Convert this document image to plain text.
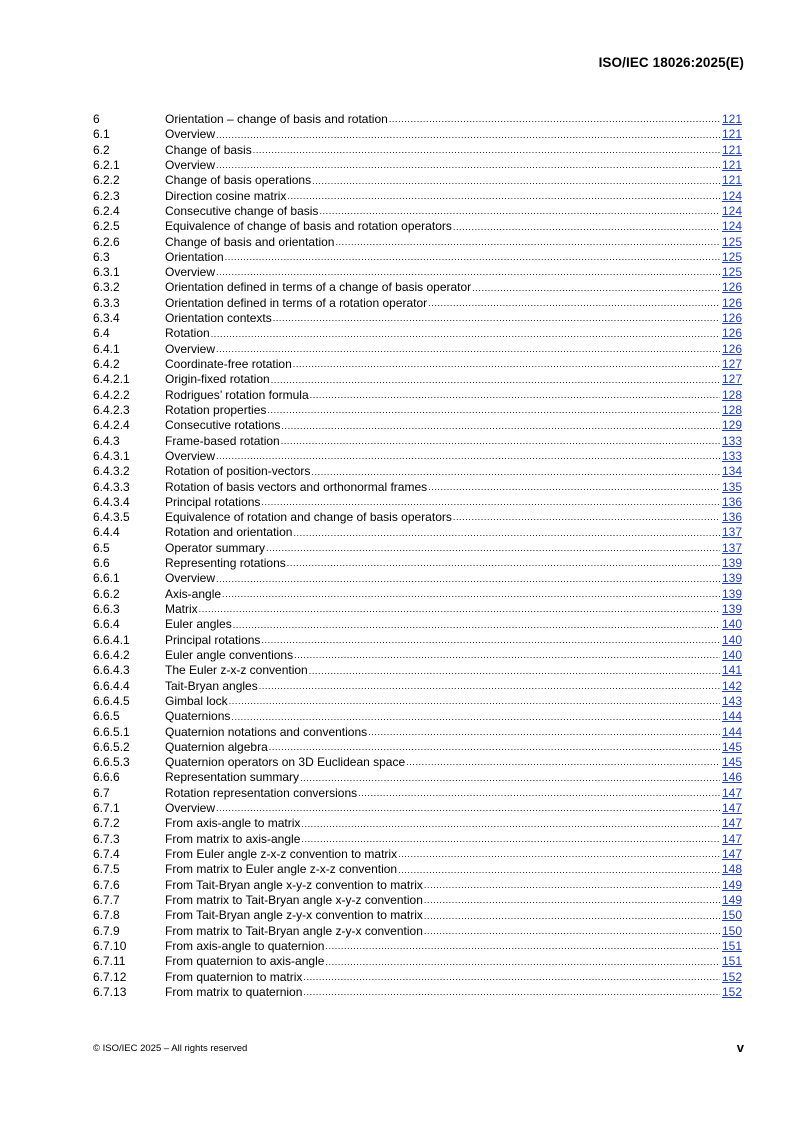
ISO/IEC 18026:2025(E)
6	Orientation – change of basis and rotation .....	121
6.1	Overview .....	121
6.2	Change of basis .....	121
6.2.1	Overview .....	121
6.2.2	Change of basis operations .....	121
6.2.3	Direction cosine matrix .....	124
6.2.4	Consecutive change of basis .....	124
6.2.5	Equivalence of change of basis and rotation operators .....	124
6.2.6	Change of basis and orientation .....	125
6.3	Orientation .....	125
6.3.1	Overview .....	125
6.3.2	Orientation defined in terms of a change of basis operator .....	126
6.3.3	Orientation defined in terms of a rotation operator .....	126
6.3.4	Orientation contexts .....	126
6.4	Rotation .....	126
6.4.1	Overview .....	126
6.4.2	Coordinate-free rotation .....	127
6.4.2.1	Origin-fixed rotation .....	127
6.4.2.2	Rodrigues’ rotation formula .....	128
6.4.2.3	Rotation properties .....	128
6.4.2.4	Consecutive rotations .....	129
6.4.3	Frame-based rotation .....	133
6.4.3.1	Overview .....	133
6.4.3.2	Rotation of position-vectors .....	134
6.4.3.3	Rotation of basis vectors and orthonormal frames .....	135
6.4.3.4	Principal rotations .....	136
6.4.3.5	Equivalence of rotation and change of basis operators .....	136
6.4.4	Rotation and orientation .....	137
6.5	Operator summary .....	137
6.6	Representing rotations .....	139
6.6.1	Overview .....	139
6.6.2	Axis-angle .....	139
6.6.3	Matrix .....	139
6.6.4	Euler angles .....	140
6.6.4.1	Principal rotations .....	140
6.6.4.2	Euler angle conventions .....	140
6.6.4.3	The Euler z-x-z convention .....	141
6.6.4.4	Tait-Bryan angles .....	142
6.6.4.5	Gimbal lock .....	143
6.6.5	Quaternions .....	144
6.6.5.1	Quaternion notations and conventions .....	144
6.6.5.2	Quaternion algebra .....	145
6.6.5.3	Quaternion operators on 3D Euclidean space .....	145
6.6.6	Representation summary .....	146
6.7	Rotation representation conversions .....	147
6.7.1	Overview .....	147
6.7.2	From axis-angle to matrix .....	147
6.7.3	From matrix to axis-angle .....	147
6.7.4	From Euler angle z-x-z convention to matrix .....	147
6.7.5	From matrix to Euler angle z-x-z convention .....	148
6.7.6	From Tait-Bryan angle x-y-z convention to matrix .....	149
6.7.7	From matrix to Tait-Bryan angle x-y-z convention .....	149
6.7.8	From Tait-Bryan angle z-y-x convention to matrix .....	150
6.7.9	From matrix to Tait-Bryan angle z-y-x convention .....	150
6.7.10	From axis-angle to quaternion .....	151
6.7.11	From quaternion to axis-angle .....	151
6.7.12	From quaternion to matrix .....	152
6.7.13	From matrix to quaternion .....	152
© ISO/IEC 2025 – All rights reserved	v
